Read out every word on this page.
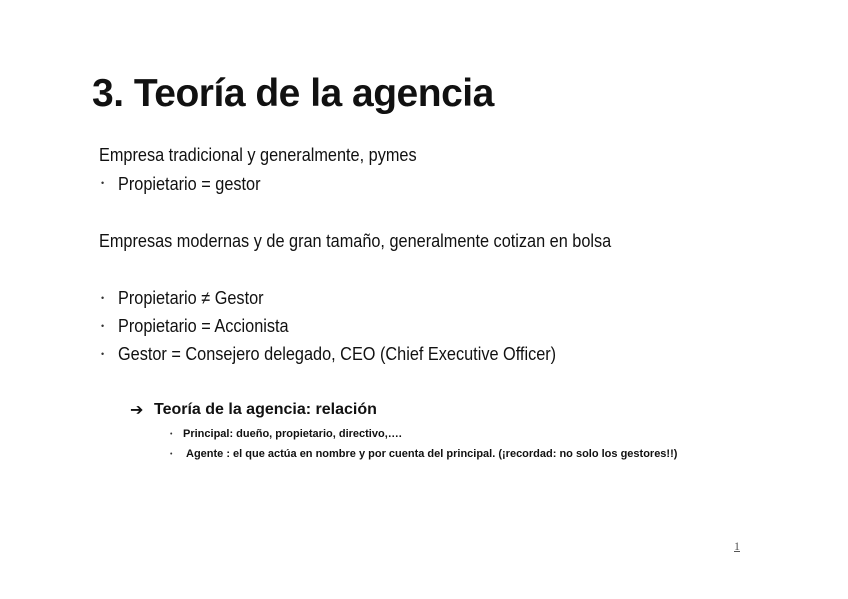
3. Teoría de la agencia
Empresa tradicional y generalmente, pymes
• Propietario = gestor
Empresas modernas y de gran tamaño, generalmente cotizan en bolsa
• Propietario ≠ Gestor
• Propietario = Accionista
• Gestor = Consejero delegado, CEO (Chief Executive Officer)
➔ Teoría de la agencia: relación
• Principal: dueño, propietario, directivo,….
• Agente : el que actúa en nombre y por cuenta del principal. (¡recordad: no solo los gestores!!)
1
